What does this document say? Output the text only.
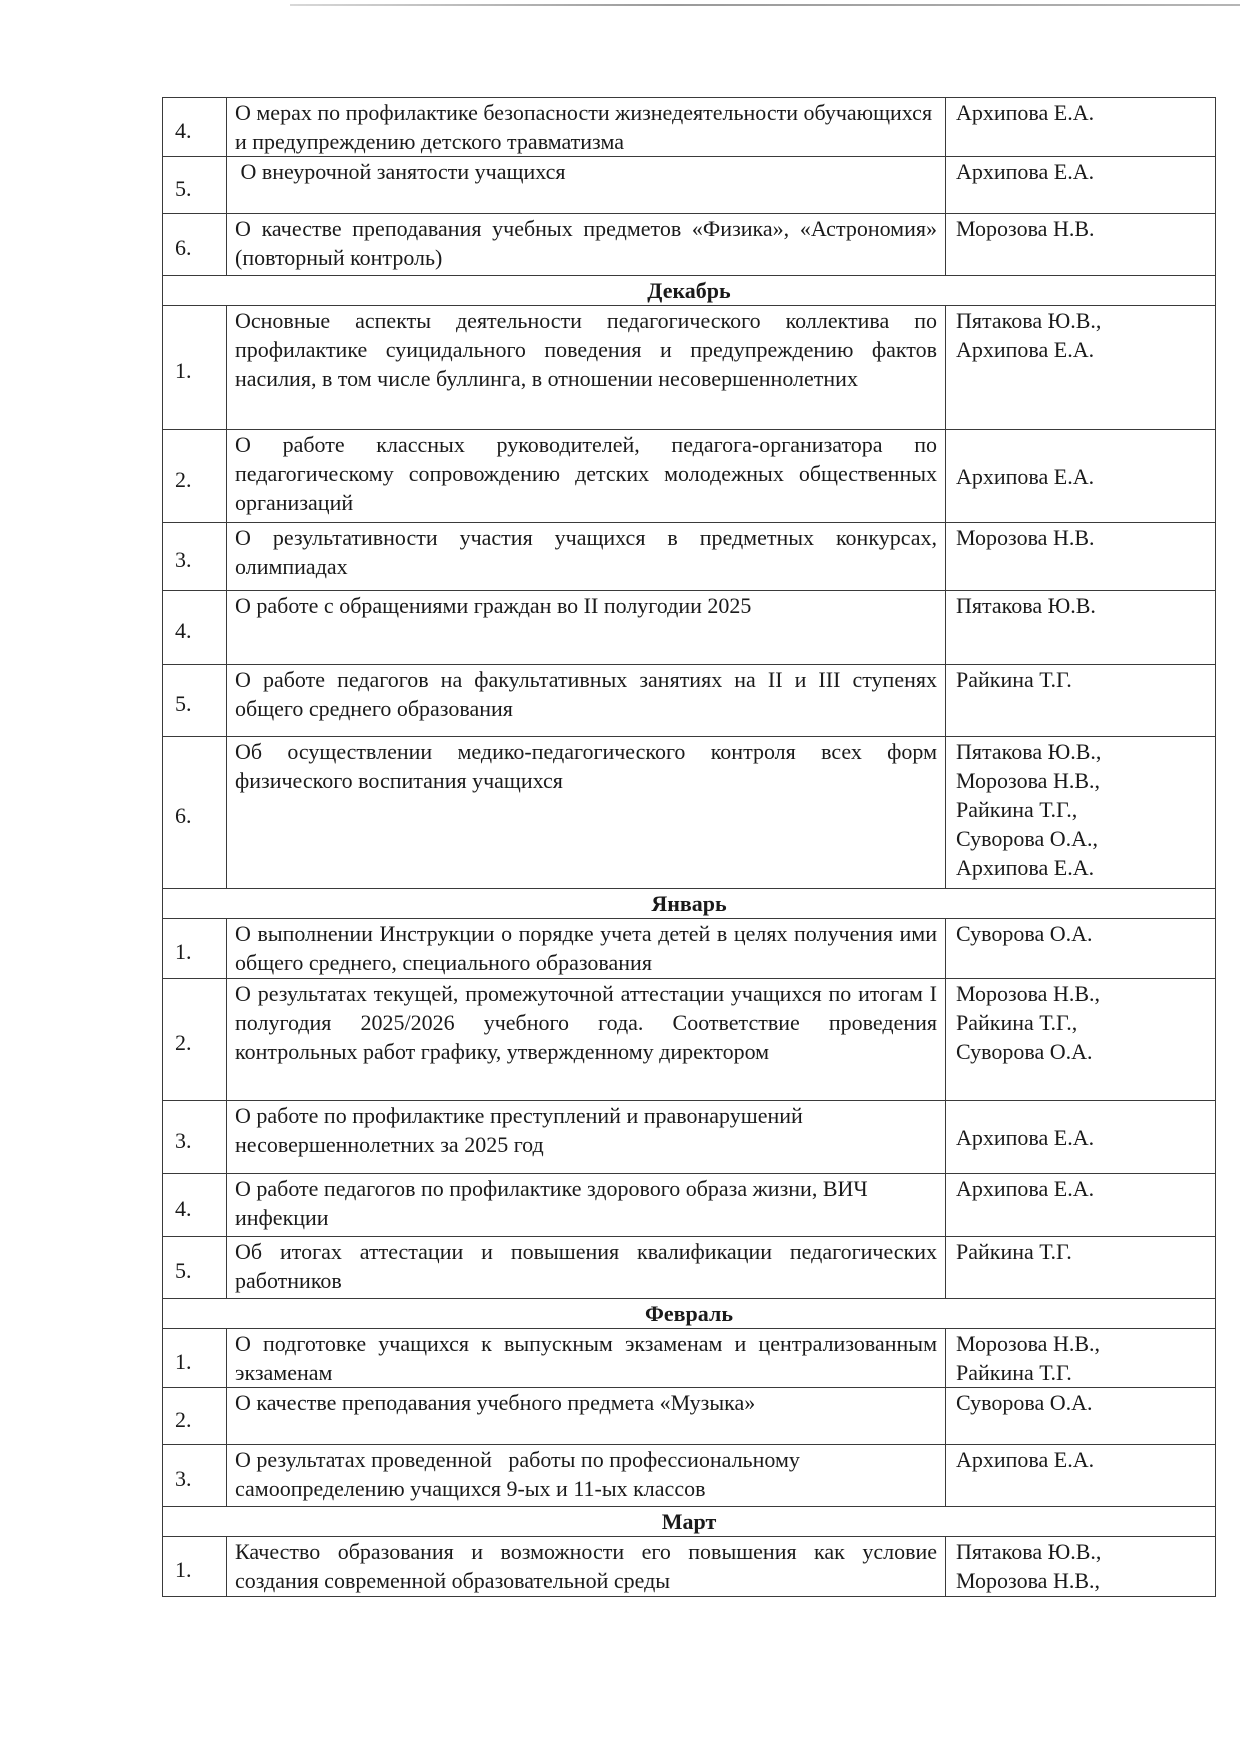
4.	О мерах по профилактике безопасности жизнедеятельности обучающихся и предупреждению детского травматизма	Архипова Е.А.

5.	О внеурочной занятости учащихся	Архипова Е.А.

6.	О качестве преподавания учебных предметов «Физика», «Астрономия» (повторный контроль)	Морозова Н.В.

Декабрь		
1.	Основные аспекты деятельности педагогического коллектива по профилактике суицидального поведения и предупреждению фактов насилия, в том числе буллинга, в отношении несовершеннолетних	Пятакова Ю.В.,
Архипова Е.А.

2.	О работе классных руководителей, педагога-организатора по педагогическому сопровождению детских молодежных общественных организаций	Архипова Е.А.

3.	О результативности участия учащихся в предметных конкурсах, олимпиадах	Морозова Н.В.

4.	О работе с обращениями граждан во II полугодии 2025	Пятакова Ю.В.

5.	О работе педагогов на факультативных занятиях на II и III ступенях общего среднего образования	Райкина Т.Г.

6.	Об осуществлении медико-педагогического контроля всех форм физического воспитания учащихся	Пятакова Ю.В.,
Морозова Н.В.,
Райкина Т.Г.,
Суворова О.А.,
Архипова Е.А.

Январь		
1.	О выполнении Инструкции о порядке учета детей в целях получения ими общего среднего, специального образования	Суворова О.А.

2.	О результатах текущей, промежуточной аттестации учащихся по итогам I полугодия 2025/2026 учебного года. Соответствие проведения контрольных работ графику, утвержденному директором	Морозова Н.В.,
Райкина Т.Г.,
Суворова О.А.

3.	О работе по профилактике преступлений и правонарушений несовершеннолетних за 2025 год	Архипова Е.А.

4.	О работе педагогов по профилактике здорового образа жизни, ВИЧ инфекции	Архипова Е.А.

5.	Об итогах аттестации и повышения квалификации педагогических работников	Райкина Т.Г.

Февраль		
1.	О подготовке учащихся к выпускным экзаменам и централизованным экзаменам	Морозова Н.В.,
Райкина Т.Г.

2.	О качестве преподавания учебного предмета «Музыка»	Суворова О.А.

3.	О результатах проведенной   работы по профессиональному самоопределению учащихся 9-ых и 11-ых классов	Архипова Е.А.

Март		
1.	Качество образования и возможности его повышения как условие создания современной образовательной среды	Пятакова Ю.В.,
Морозова Н.В.,
